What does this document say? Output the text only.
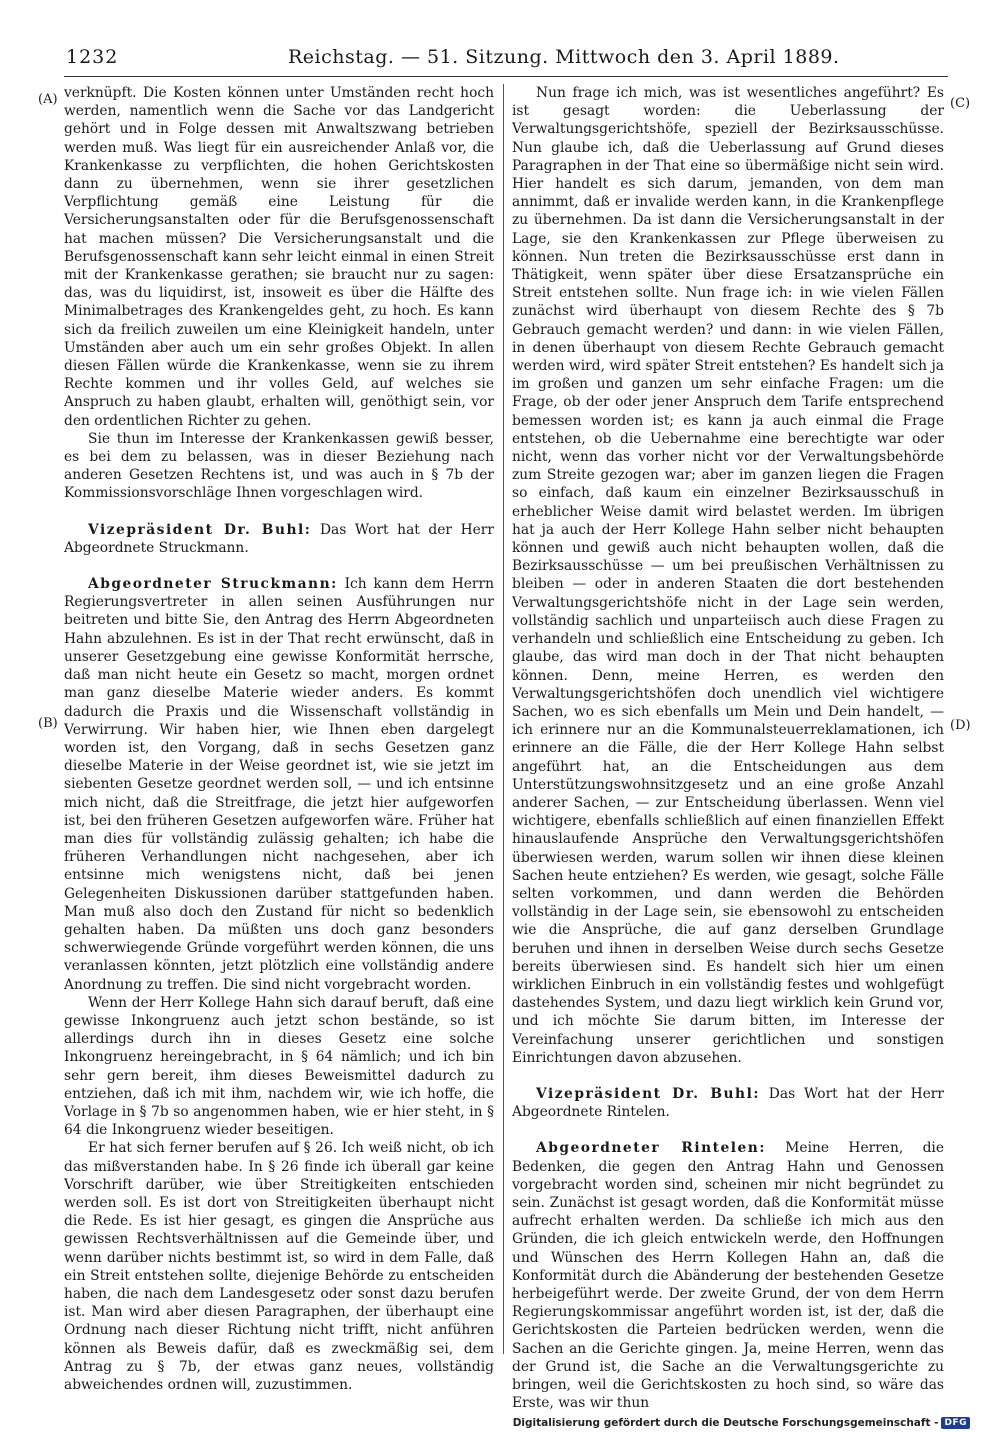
1232	Reichstag. — 51. Sitzung. Mittwoch den 3. April 1889.
(A)
(B)
(C)
(D)

verknüpft. Die Kosten können unter Umständen recht hoch werden, namentlich wenn die Sache vor das Landgericht gehört und in Folge dessen mit Anwaltszwang betrieben werden muß. Was liegt für ein ausreichender Anlaß vor, die Krankenkasse zu verpflichten, die hohen Gerichtskosten dann zu übernehmen, wenn sie ihrer gesetzlichen Verpflichtung gemäß eine Leistung für die Versicherungsanstalten oder für die Berufsgenossenschaft hat machen müssen? Die Versicherungsanstalt und die Berufsgenossenschaft kann sehr leicht einmal in einen Streit mit der Krankenkasse gerathen; sie braucht nur zu sagen: das, was du liquidirst, ist, insoweit es über die Hälfte des Minimalbetrages des Krankengeldes geht, zu hoch. Es kann sich da freilich zuweilen um eine Kleinigkeit handeln, unter Umständen aber auch um ein sehr großes Objekt. In allen diesen Fällen würde die Krankenkasse, wenn sie zu ihrem Rechte kommen und ihr volles Geld, auf welches sie Anspruch zu haben glaubt, erhalten will, genöthigt sein, vor den ordentlichen Richter zu gehen.

Sie thun im Interesse der Krankenkassen gewiß besser, es bei dem zu belassen, was in dieser Beziehung nach anderen Gesetzen Rechtens ist, und was auch in § 7b der Kommissionsvorschläge Ihnen vorgeschlagen wird.

Vizepräsident Dr. Buhl: Das Wort hat der Herr Abgeordnete Struckmann.

Abgeordneter Struckmann: Ich kann dem Herrn Regierungsvertreter in allen seinen Ausführungen nur beitreten und bitte Sie, den Antrag des Herrn Abgeordneten Hahn abzulehnen. Es ist in der That recht erwünscht, daß in unserer Gesetzgebung eine gewisse Konformität herrsche, daß man nicht heute ein Gesetz so macht, morgen ordnet man ganz dieselbe Materie wieder anders. Es kommt dadurch die Praxis und die Wissenschaft vollständig in Verwirrung. Wir haben hier, wie Ihnen eben dargelegt worden ist, den Vorgang, daß in sechs Gesetzen ganz dieselbe Materie in der Weise geordnet ist, wie sie jetzt im siebenten Gesetze geordnet werden soll, — und ich entsinne mich nicht, daß die Streitfrage, die jetzt hier aufgeworfen ist, bei den früheren Gesetzen aufgeworfen wäre. Früher hat man dies für vollständig zulässig gehalten; ich habe die früheren Verhandlungen nicht nachgesehen, aber ich entsinne mich wenigstens nicht, daß bei jenen Gelegenheiten Diskussionen darüber stattgefunden haben. Man muß also doch den Zustand für nicht so bedenklich gehalten haben. Da müßten uns doch ganz besonders schwerwiegende Gründe vorgeführt werden können, die uns veranlassen könnten, jetzt plötzlich eine vollständig andere Anordnung zu treffen. Die sind nicht vorgebracht worden.

Wenn der Herr Kollege Hahn sich darauf beruft, daß eine gewisse Inkongruenz auch jetzt schon bestände, so ist allerdings durch ihn in dieses Gesetz eine solche Inkongruenz hereingebracht, in § 64 nämlich; und ich bin sehr gern bereit, ihm dieses Beweismittel dadurch zu entziehen, daß ich mit ihm, nachdem wir, wie ich hoffe, die Vorlage in § 7b so angenommen haben, wie er hier steht, in § 64 die Inkongruenz wieder beseitigen.

Er hat sich ferner berufen auf § 26. Ich weiß nicht, ob ich das mißverstanden habe. In § 26 finde ich überall gar keine Vorschrift darüber, wie über Streitigkeiten entschieden werden soll. Es ist dort von Streitigkeiten überhaupt nicht die Rede. Es ist hier gesagt, es gingen die Ansprüche aus gewissen Rechtsverhältnissen auf die Gemeinde über, und wenn darüber nichts bestimmt ist, so wird in dem Falle, daß ein Streit entstehen sollte, diejenige Behörde zu entscheiden haben, die nach dem Landesgesetz oder sonst dazu berufen ist. Man wird aber diesen Paragraphen, der überhaupt eine Ordnung nach dieser Richtung nicht trifft, nicht anführen können als Beweis dafür, daß es zweckmäßig sei, dem Antrag zu § 7b, der etwas ganz neues, vollständig abweichendes ordnen will, zuzustimmen.

Nun frage ich mich, was ist wesentliches angeführt? Es ist gesagt worden: die Ueberlassung der Verwaltungsgerichtshöfe, speziell der Bezirksausschüsse. Nun glaube ich, daß die Ueberlassung auf Grund dieses Paragraphen in der That eine so übermäßige nicht sein wird. Hier handelt es sich darum, jemanden, von dem man annimmt, daß er invalide werden kann, in die Krankenpflege zu übernehmen. Da ist dann die Versicherungsanstalt in der Lage, sie den Krankenkassen zur Pflege überweisen zu können. Nun treten die Bezirksausschüsse erst dann in Thätigkeit, wenn später über diese Ersatzansprüche ein Streit entstehen sollte. Nun frage ich: in wie vielen Fällen zunächst wird überhaupt von diesem Rechte des § 7b Gebrauch gemacht werden? und dann: in wie vielen Fällen, in denen überhaupt von diesem Rechte Gebrauch gemacht werden wird, wird später Streit entstehen? Es handelt sich ja im großen und ganzen um sehr einfache Fragen: um die Frage, ob der oder jener Anspruch dem Tarife entsprechend bemessen worden ist; es kann ja auch einmal die Frage entstehen, ob die Uebernahme eine berechtigte war oder nicht, wenn das vorher nicht vor der Verwaltungsbehörde zum Streite gezogen war; aber im ganzen liegen die Fragen so einfach, daß kaum ein einzelner Bezirksausschuß in erheblicher Weise damit wird belastet werden. Im übrigen hat ja auch der Herr Kollege Hahn selber nicht behaupten können und gewiß auch nicht behaupten wollen, daß die Bezirksausschüsse — um bei preußischen Verhältnissen zu bleiben — oder in anderen Staaten die dort bestehenden Verwaltungsgerichtshöfe nicht in der Lage sein werden, vollständig sachlich und unparteiisch auch diese Fragen zu verhandeln und schließlich eine Entscheidung zu geben. Ich glaube, das wird man doch in der That nicht behaupten können. Denn, meine Herren, es werden den Verwaltungsgerichtshöfen doch unendlich viel wichtigere Sachen, wo es sich ebenfalls um Mein und Dein handelt, — ich erinnere nur an die Kommunalsteuerreklamationen, ich erinnere an die Fälle, die der Herr Kollege Hahn selbst angeführt hat, an die Entscheidungen aus dem Unterstützungswohnsitzgesetz und an eine große Anzahl anderer Sachen, — zur Entscheidung überlassen. Wenn viel wichtigere, ebenfalls schließlich auf einen finanziellen Effekt hinauslaufende Ansprüche den Verwaltungsgerichtshöfen überwiesen werden, warum sollen wir ihnen diese kleinen Sachen heute entziehen? Es werden, wie gesagt, solche Fälle selten vorkommen, und dann werden die Behörden vollständig in der Lage sein, sie ebensowohl zu entscheiden wie die Ansprüche, die auf ganz derselben Grundlage beruhen und ihnen in derselben Weise durch sechs Gesetze bereits überwiesen sind. Es handelt sich hier um einen wirklichen Einbruch in ein vollständig festes und wohlgefügt dastehendes System, und dazu liegt wirklich kein Grund vor, und ich möchte Sie darum bitten, im Interesse der Vereinfachung unserer gerichtlichen und sonstigen Einrichtungen davon abzusehen.

Vizepräsident Dr. Buhl: Das Wort hat der Herr Abgeordnete Rintelen.

Abgeordneter Rintelen: Meine Herren, die Bedenken, die gegen den Antrag Hahn und Genossen vorgebracht worden sind, scheinen mir nicht begründet zu sein. Zunächst ist gesagt worden, daß die Konformität müsse aufrecht erhalten werden. Da schließe ich mich aus den Gründen, die ich gleich entwickeln werde, den Hoffnungen und Wünschen des Herrn Kollegen Hahn an, daß die Konformität durch die Abänderung der bestehenden Gesetze herbeigeführt werde. Der zweite Grund, der von dem Herrn Regierungskommissar angeführt worden ist, ist der, daß die Gerichtskosten die Parteien bedrücken werden, wenn die Sachen an die Gerichte gingen. Ja, meine Herren, wenn das der Grund ist, die Sache an die Verwaltungsgerichte zu bringen, weil die Gerichtskosten zu hoch sind, so wäre das Erste, was wir thun

Digitalisierung gefördert durch die Deutsche Forschungsgemeinschaft - DFG
